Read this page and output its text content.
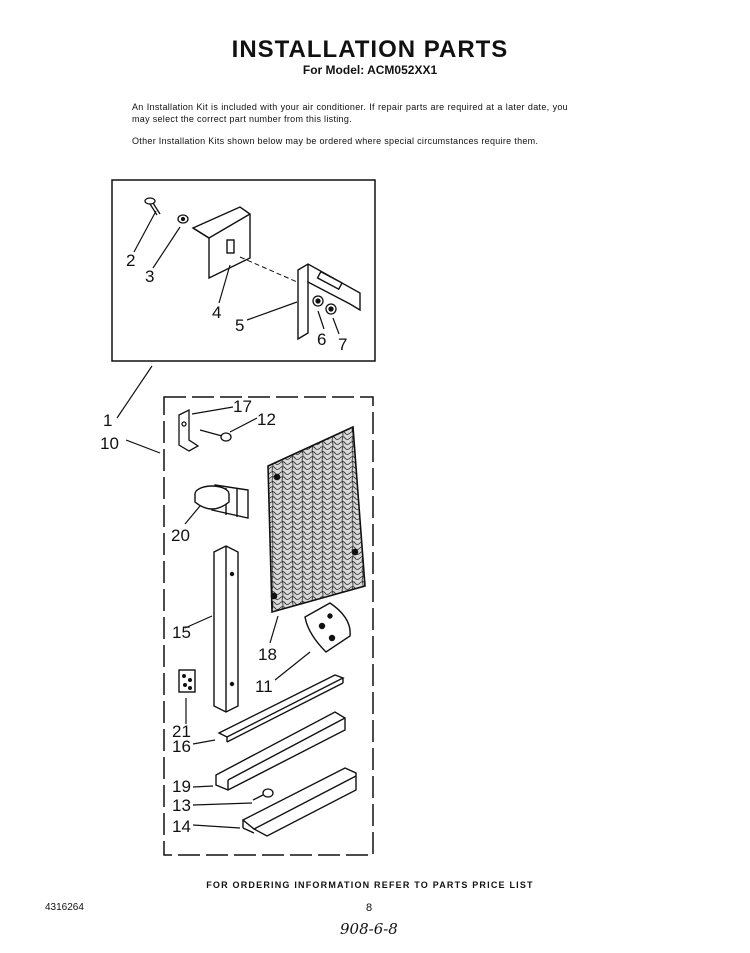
INSTALLATION PARTS
For Model: ACM052XX1
An Installation Kit is included with your air conditioner. If repair parts are required at a later date, you may select the correct part number from this listing.
Other Installation Kits shown below may be ordered where special circumstances require them.
1
2
3
4
5
6 7
10
11
12
13
14
15
16
17
18
19
20
21
FOR ORDERING INFORMATION REFER TO PARTS PRICE LIST
4316264	8
908-6-8
